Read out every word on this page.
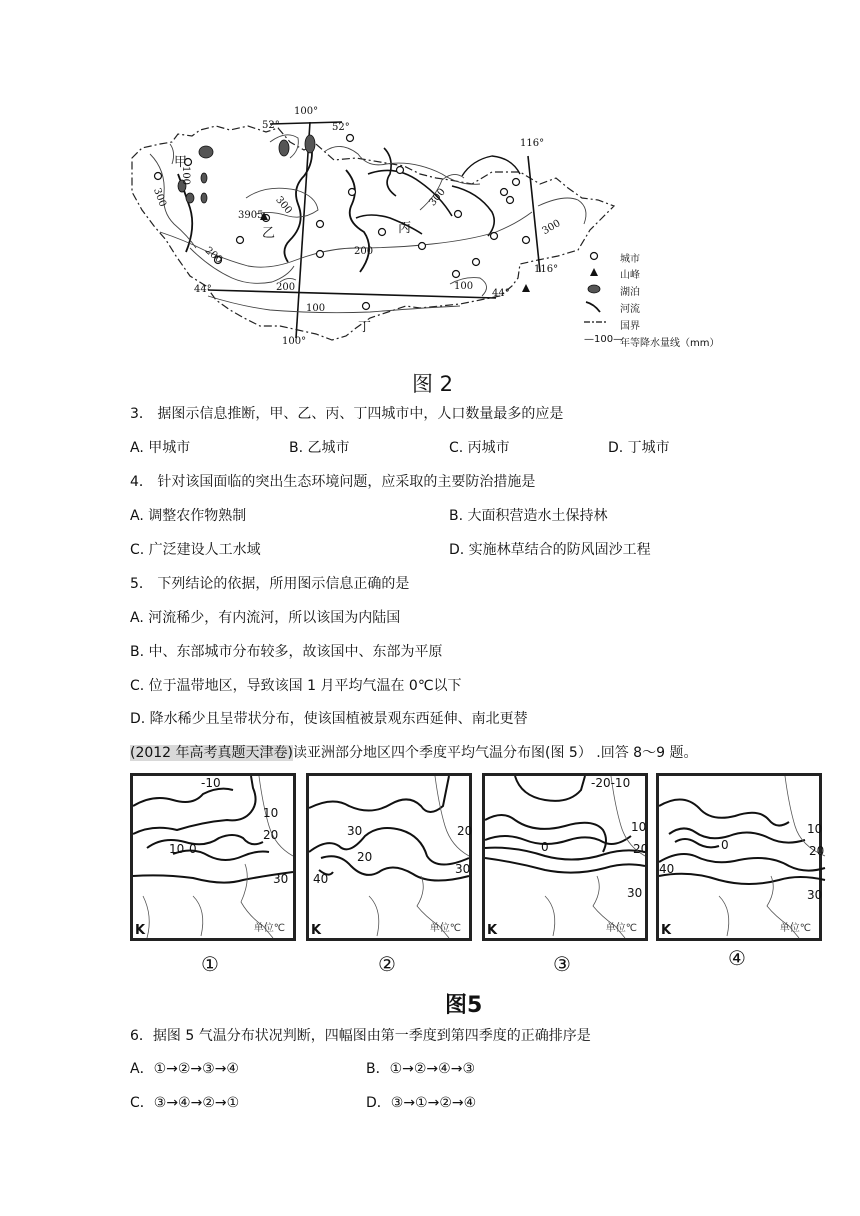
100°
100°
116°
116°
52°	52°
44°	44°
甲
乙	丙
丁
3905
300
100
300	300
300
200	200
200	100
100
城市
山峰
湖泊
河流
国界
—100—
年等降水量线（mm）
图 2
3． 据图示信息推断，甲、乙、丙、丁四城市中，人口数量最多的应是
A. 甲城市	B. 乙城市	C. 丙城市	D. 丁城市
4． 针对该国面临的突出生态环境问题，应采取的主要防治措施是
A. 调整农作物熟制	B. 大面积营造水土保持林
C. 广泛建设人工水域	D. 实施林草结合的防风固沙工程
5． 下列结论的依据，所用图示信息正确的是
A. 河流稀少，有内流河，所以该国为内陆国
B. 中、东部城市分布较多，故该国中、东部为平原
C. 位于温带地区，导致该国 1 月平均气温在 0℃以下
D. 降水稀少且呈带状分布，使该国植被景观东西延伸、南北更替
(2012 年高考真题天津卷)读亚洲部分地区四个季度平均气温分布图(图 5） .回答 8～9 题。
-10
10
20
10 0
30
K	单位℃
30
20
20
40
30
K	单位℃
-20-10
10
20
0
30
K	单位℃
10
20
0
40
30
K	单位℃
①	②	③	④
图5
6．据图 5 气温分布状况判断，四幅图由第一季度到第四季度的正确排序是
A．①→②→③→④	B．①→②→④→③
C．③→④→②→①	D．③→①→②→④
